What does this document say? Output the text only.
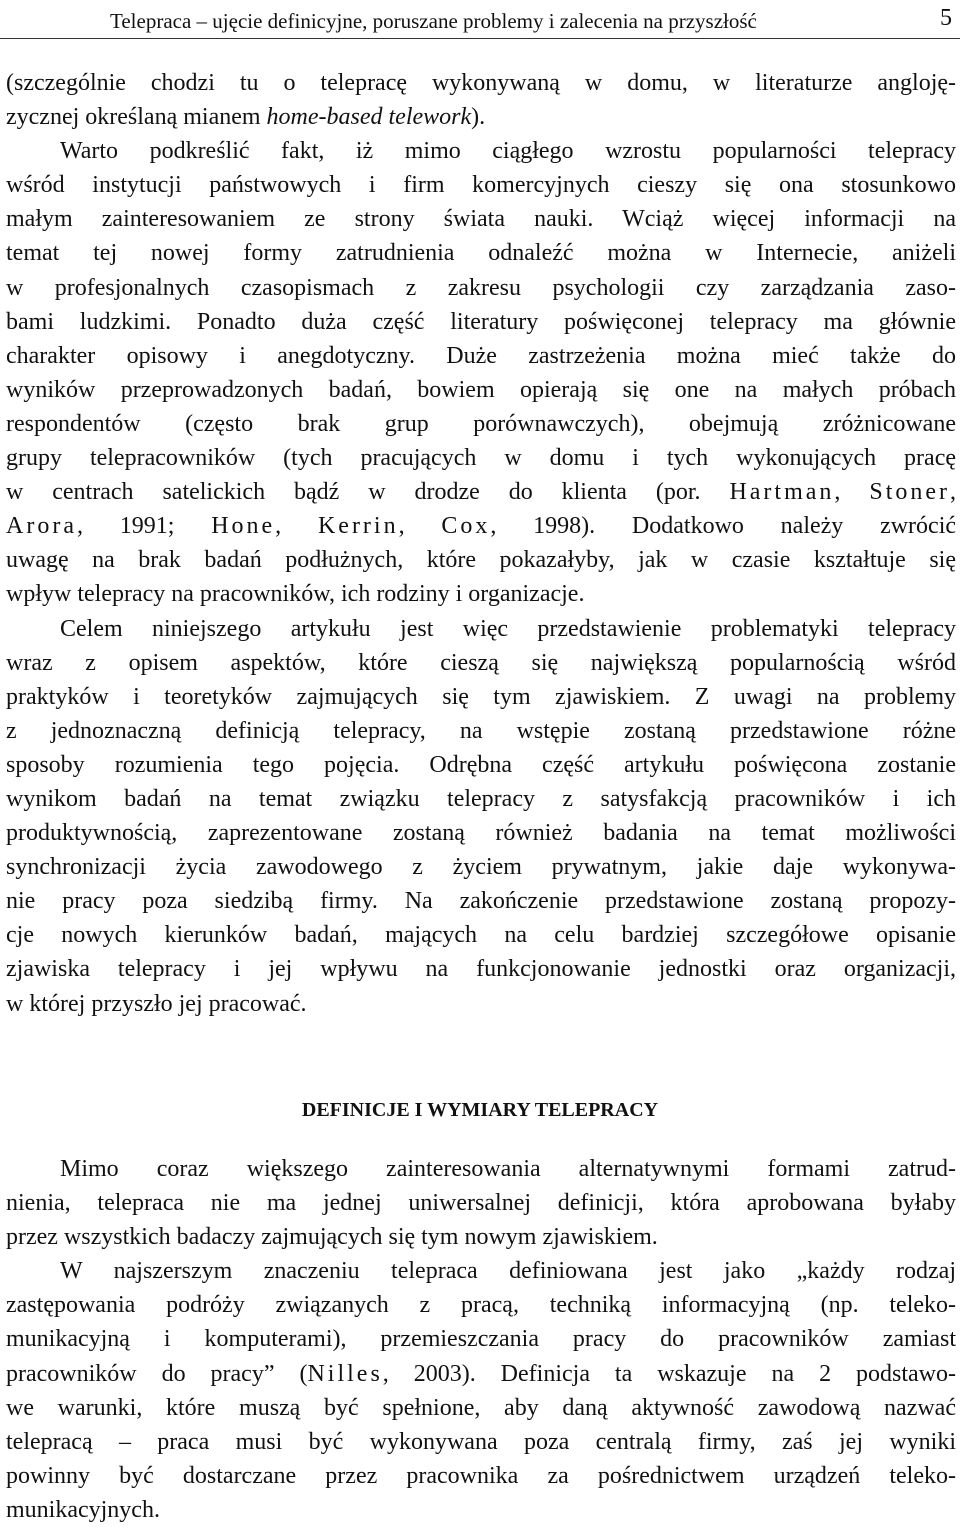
Telepraca – ujęcie definicyjne, poruszane problemy i zalecenia na przyszłość	5
(szczególnie chodzi tu o telepracę wykonywaną w domu, w literaturze angloję-
zycznej określaną mianem home-based telework).
Warto podkreślić fakt, iż mimo ciągłego wzrostu popularności telepracy
wśród instytucji państwowych i firm komercyjnych cieszy się ona stosunkowo
małym zainteresowaniem ze strony świata nauki. Wciąż więcej informacji na
temat tej nowej formy zatrudnienia odnaleźć można w Internecie, aniżeli
w profesjonalnych czasopismach z zakresu psychologii czy zarządzania zaso-
bami ludzkimi. Ponadto duża część literatury poświęconej telepracy ma głównie
charakter opisowy i anegdotyczny. Duże zastrzeżenia można mieć także do
wyników przeprowadzonych badań, bowiem opierają się one na małych próbach
respondentów (często brak grup porównawczych), obejmują zróżnicowane
grupy telepracowników (tych pracujących w domu i tych wykonujących pracę
w centrach satelickich bądź w drodze do klienta (por. Hartman, Stoner,
Arora, 1991; Hone, Kerrin, Cox, 1998). Dodatkowo należy zwrócić
uwagę na brak badań podłużnych, które pokazałyby, jak w czasie kształtuje się
wpływ telepracy na pracowników, ich rodziny i organizacje.
Celem niniejszego artykułu jest więc przedstawienie problematyki telepracy
wraz z opisem aspektów, które cieszą się największą popularnością wśród
praktyków i teoretyków zajmujących się tym zjawiskiem. Z uwagi na problemy
z jednoznaczną definicją telepracy, na wstępie zostaną przedstawione różne
sposoby rozumienia tego pojęcia. Odrębna część artykułu poświęcona zostanie
wynikom badań na temat związku telepracy z satysfakcją pracowników i ich
produktywnością, zaprezentowane zostaną również badania na temat możliwości
synchronizacji życia zawodowego z życiem prywatnym, jakie daje wykonywa-
nie pracy poza siedzibą firmy. Na zakończenie przedstawione zostaną propozy-
cje nowych kierunków badań, mających na celu bardziej szczegółowe opisanie
zjawiska telepracy i jej wpływu na funkcjonowanie jednostki oraz organizacji,
w której przyszło jej pracować.
DEFINICJE I WYMIARY TELEPRACY
Mimo coraz większego zainteresowania alternatywnymi formami zatrud-
nienia, telepraca nie ma jednej uniwersalnej definicji, która aprobowana byłaby
przez wszystkich badaczy zajmujących się tym nowym zjawiskiem.
W najszerszym znaczeniu telepraca definiowana jest jako „każdy rodzaj
zastępowania podróży związanych z pracą, techniką informacyjną (np. teleko-
munikacyjną i komputerami), przemieszczania pracy do pracowników zamiast
pracowników do pracy” (Nilles, 2003). Definicja ta wskazuje na 2 podstawo-
we warunki, które muszą być spełnione, aby daną aktywność zawodową nazwać
telepracą – praca musi być wykonywana poza centralą firmy, zaś jej wyniki
powinny być dostarczane przez pracownika za pośrednictwem urządzeń teleko-
munikacyjnych.
